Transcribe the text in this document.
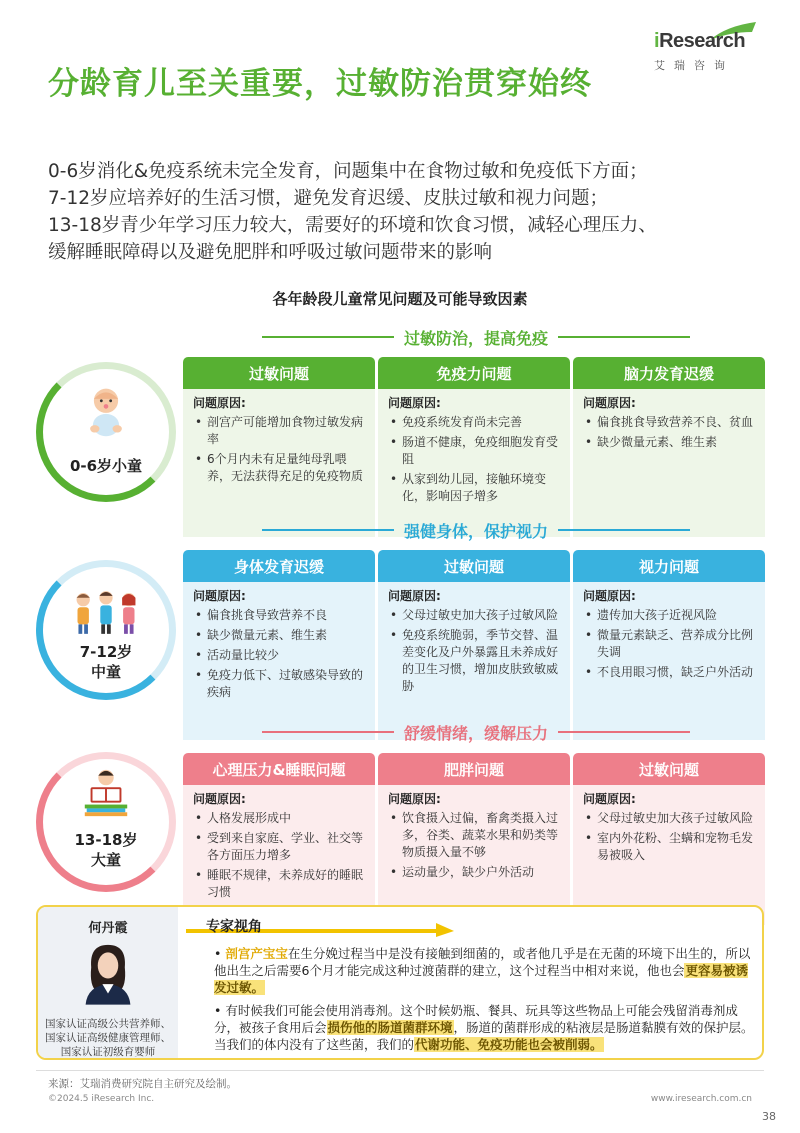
iResearch
艾瑞咨询
分龄育儿至关重要，过敏防治贯穿始终

0-6岁消化&免疫系统未完全发育，问题集中在食物过敏和免疫低下方面；

7-12岁应培养好的生活习惯，避免发育迟缓、皮肤过敏和视力问题；

13-18岁青少年学习压力较大，需要好的环境和饮食习惯，减轻心理压力、

缓解睡眠障碍以及避免肥胖和呼吸过敏问题带来的影响

各年龄段儿童常见问题及可能导致因素
过敏防治，提高免疫
0-6岁小童
过敏问题
问题原因:
• 剖宫产可能增加食物过敏发病率
• 6个月内未有足量纯母乳喂养，无法获得充足的免疫物质
免疫力问题
问题原因:
• 免疫系统发育尚未完善
• 肠道不健康，免疫细胞发育受阻
• 从家到幼儿园，接触环境变化，影响因子增多
脑力发育迟缓
问题原因:
• 偏食挑食导致营养不良、贫血
• 缺少微量元素、维生素
强健身体，保护视力
7-12岁
中童
身体发育迟缓
问题原因:
• 偏食挑食导致营养不良
• 缺少微量元素、维生素
• 活动量比较少
• 免疫力低下、过敏感染导致的疾病
过敏问题
问题原因:
• 父母过敏史加大孩子过敏风险
• 免疫系统脆弱，季节交替、温差变化及户外暴露且未养成好的卫生习惯，增加皮肤致敏威胁
视力问题
问题原因:
• 遗传加大孩子近视风险
• 微量元素缺乏、营养成分比例失调
• 不良用眼习惯，缺乏户外活动
舒缓情绪，缓解压力
13-18岁
大童
心理压力&睡眠问题
问题原因:
• 人格发展形成中
• 受到来自家庭、学业、社交等各方面压力增多
• 睡眠不规律，未养成好的睡眠习惯
肥胖问题
问题原因:
• 饮食摄入过偏，畜禽类摄入过多，谷类、蔬菜水果和奶类等物质摄入量不够
• 运动量少，缺少户外活动
过敏问题
问题原因:
• 父母过敏史加大孩子过敏风险
• 室内外花粉、尘螨和宠物毛发易被吸入
何丹霞
国家认证高级公共营养师、
国家认证高级健康管理师、
国家认证初级育婴师
专家视角

• 剖宫产宝宝在生分娩过程当中是没有接触到细菌的，或者他几乎是在无菌的环境下出生的，所以他出生之后需要6个月才能完成这种过渡菌群的建立，这个过程当中相对来说，他也会更容易被诱发过敏。

• 有时候我们可能会使用消毒剂。这个时候奶瓶、餐具、玩具等这些物品上可能会残留消毒剂成分，被孩子食用后会损伤他的肠道菌群环境，肠道的菌群形成的粘液层是肠道黏膜有效的保护层。当我们的体内没有了这些菌，我们的代谢功能、免疫功能也会被削弱。

来源：艾瑞消费研究院自主研究及绘制。
©2024.5 iResearch Inc.	www.iresearch.com.cn
38
